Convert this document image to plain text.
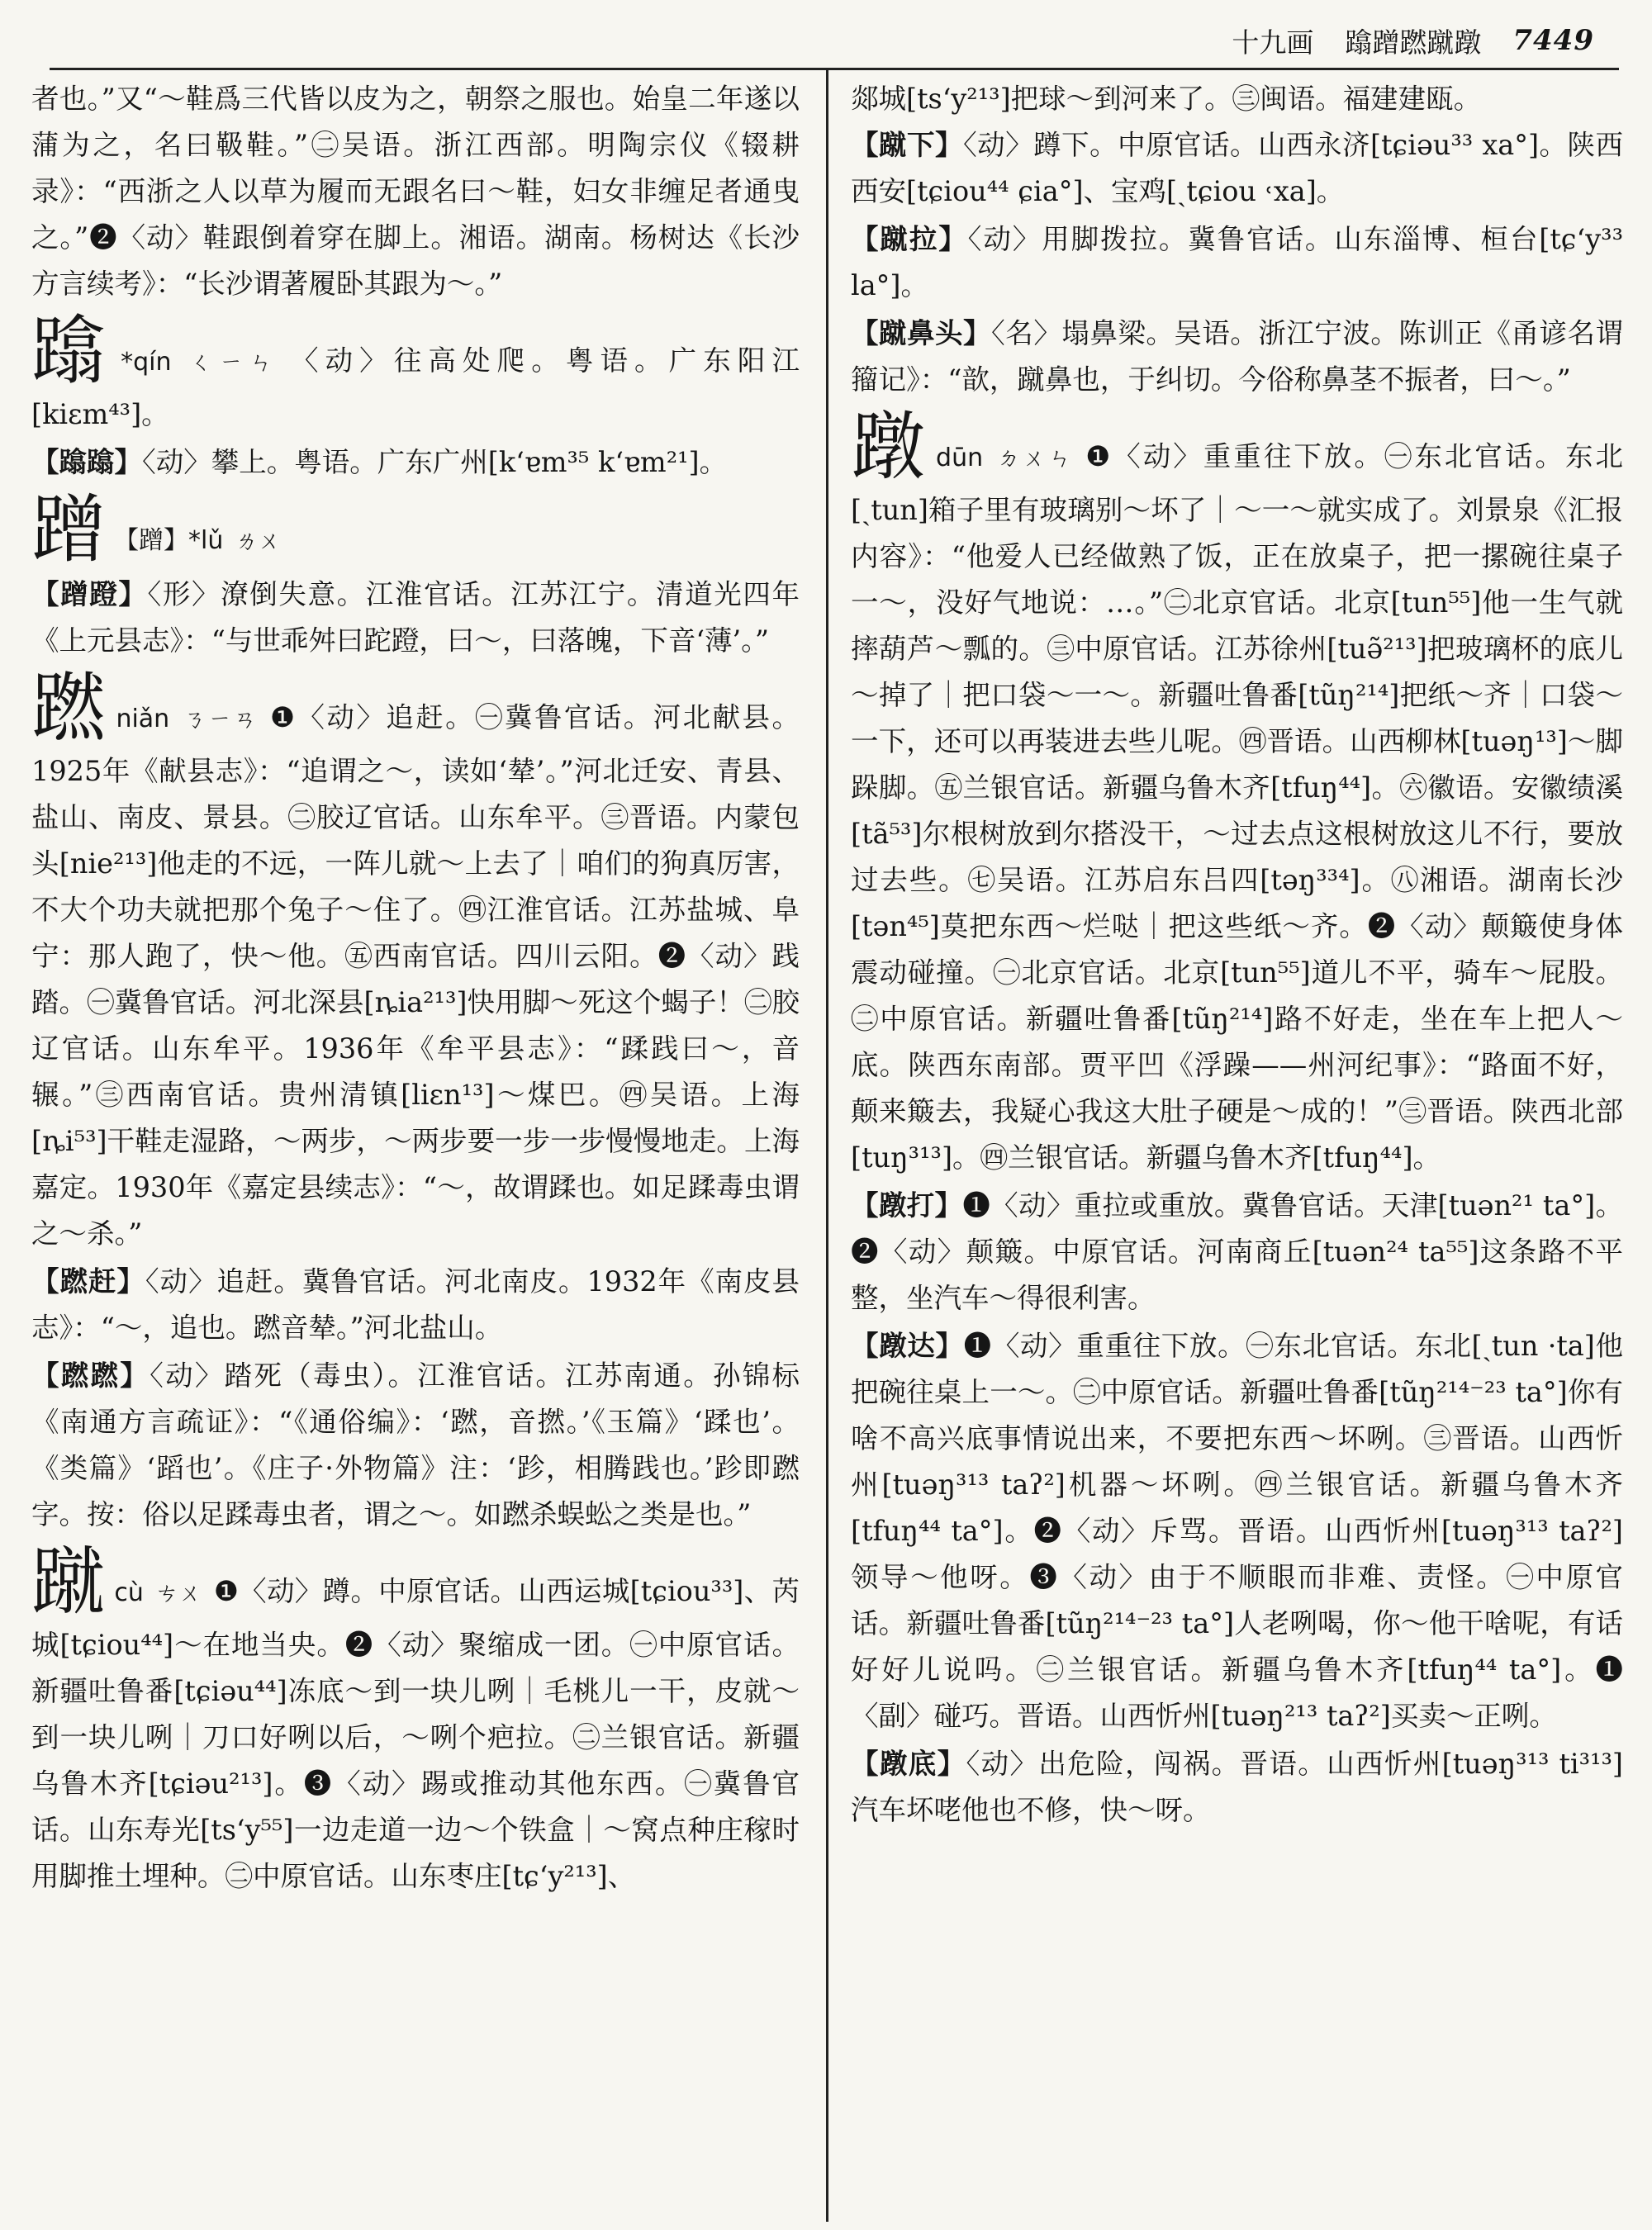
十九画 蹹蹭蹨蹴蹾 7449

者也。”又“～鞋爲三代皆以皮为之，朝祭之服也。始皇二年遂以蒲为之，名曰靸鞋。”㊁吴语。浙江西部。明陶宗仪《辍耕录》：“西浙之人以草为履而无跟名曰～鞋，妇女非缠足者通曳之。”❷〈动〉鞋跟倒着穿在脚上。湘语。湖南。杨树达《长沙方言续考》：“长沙谓著履卧其跟为～。”

蹹 *qín ㄑㄧㄣ 〈动〉往高处爬。粤语。广东阳江[kiɛm⁴³]。

【蹹蹹】〈动〉攀上。粤语。广东广州[k‘ɐm³⁵ k‘ɐm²¹]。

蹭 【蹭】*lǔ ㄌㄨ

【蹭蹬】〈形〉潦倒失意。江淮官话。江苏江宁。清道光四年《上元县志》：“与世乖舛曰跎蹬，曰～，曰落魄，下音‘薄’。”

蹨niǎn ㄋㄧㄢ ❶〈动〉追赶。㊀冀鲁官话。河北献县。1925年《献县志》：“追谓之～，读如‘辇’。”河北迁安、青县、盐山、南皮、景县。㊁胶辽官话。山东牟平。㊂晋语。内蒙包头[nie²¹³]他走的不远，一阵儿就～上去了｜咱们的狗真厉害，不大个功夫就把那个兔子～住了。㊃江淮官话。江苏盐城、阜宁：那人跑了，快～他。㊄西南官话。四川云阳。❷〈动〉践踏。㊀冀鲁官话。河北深县[ȵia²¹³]快用脚～死这个蝎子！㊁胶辽官话。山东牟平。1936年《牟平县志》：“蹂践曰～，音辗。”㊂西南官话。贵州清镇[liɛn¹³]～煤巴。㊃吴语。上海[ȵi⁵³]干鞋走湿路，～两步，～两步要一步一步慢慢地走。上海嘉定。1930年《嘉定县续志》：“～，故谓蹂也。如足蹂毒虫谓之～杀。”

【蹨赶】〈动〉追赶。冀鲁官话。河北南皮。1932年《南皮县志》：“～，追也。蹨音辇。”河北盐山。

【蹨蹨】〈动〉踏死（毒虫）。江淮官话。江苏南通。孙锦标《南通方言疏证》：“《通俗编》：‘蹨，音撚。’《玉篇》‘蹂也’。《类篇》‘蹈也’。《庄子·外物篇》注：‘跈，相腾践也。’跈即蹨字。按：俗以足蹂毒虫者，谓之～。如蹨杀蜈蚣之类是也。”

蹴cù ㄘㄨ ❶〈动〉蹲。中原官话。山西运城[tɕiou³³]、芮城[tɕiou⁴⁴]～在地当央。❷〈动〉聚缩成一团。㊀中原官话。新疆吐鲁番[tɕiəu⁴⁴]冻底～到一块儿咧｜毛桃儿一干，皮就～到一块儿咧｜刀口好咧以后，～咧个疤拉。㊁兰银官话。新疆乌鲁木齐[tɕiəu²¹³]。❸〈动〉踢或推动其他东西。㊀冀鲁官话。山东寿光[ts‘y⁵⁵]一边走道一边～个铁盒｜～窝点种庄稼时用脚推土埋种。㊁中原官话。山东枣庄[tɕ‘y²¹³]、

郯城[ts‘y²¹³]把球～到河来了。㊂闽语。福建建瓯。

【蹴下】〈动〉蹲下。中原官话。山西永济[tɕiəu³³ xa°]。陕西西安[tɕiou⁴⁴ ɕia°]、宝鸡[ˏtɕiou ˓xa]。

【蹴拉】〈动〉用脚拨拉。冀鲁官话。山东淄博、桓台[tɕ‘y³³ la°]。

【蹴鼻头】〈名〉塌鼻梁。吴语。浙江宁波。陈训正《甬谚名谓籀记》：“歆，蹴鼻也，于纠切。今俗称鼻茎不振者，曰～。”

蹾dūn ㄉㄨㄣ ❶〈动〉重重往下放。㊀东北官话。东北[ˏtun]箱子里有玻璃别～坏了｜～一～就实成了。刘景泉《汇报内容》：“他爱人已经做熟了饭，正在放桌子，把一摞碗往桌子一～，没好气地说：…。”㊁北京官话。北京[tun⁵⁵]他一生气就摔葫芦～瓢的。㊂中原官话。江苏徐州[tuə̃²¹³]把玻璃杯的底儿～掉了｜把口袋～一～。新疆吐鲁番[tũŋ²¹⁴]把纸～齐｜口袋～一下，还可以再装进去些儿呢。㊃晋语。山西柳林[tuəŋ¹³]～脚跺脚。㊄兰银官话。新疆乌鲁木齐[tfuŋ⁴⁴]。㊅徽语。安徽绩溪[tã⁵³]尔根树放到尔搭没干，～过去点这根树放这儿不行，要放过去些。㊆吴语。江苏启东吕四[təŋ³³⁴]。㊇湘语。湖南长沙[tən⁴⁵]莫把东西～烂哒｜把这些纸～齐。❷〈动〉颠簸使身体震动碰撞。㊀北京官话。北京[tun⁵⁵]道儿不平，骑车～屁股。㊁中原官话。新疆吐鲁番[tũŋ²¹⁴]路不好走，坐在车上把人～底。陕西东南部。贾平凹《浮躁——州河纪事》：“路面不好，颠来簸去，我疑心我这大肚子硬是～成的！”㊂晋语。陕西北部[tuŋ³¹³]。㊃兰银官话。新疆乌鲁木齐[tfuŋ⁴⁴]。

【蹾打】❶〈动〉重拉或重放。冀鲁官话。天津[tuən²¹ ta°]。❷〈动〉颠簸。中原官话。河南商丘[tuən²⁴ ta⁵⁵]这条路不平整，坐汽车～得很利害。

【蹾达】❶〈动〉重重往下放。㊀东北官话。东北[ˏtun ·ta]他把碗往桌上一～。㊁中原官话。新疆吐鲁番[tũŋ²¹⁴⁻²³ ta°]你有啥不高兴底事情说出来，不要把东西～坏咧。㊂晋语。山西忻州[tuəŋ³¹³ taʔ²]机器～坏咧。㊃兰银官话。新疆乌鲁木齐[tfuŋ⁴⁴ ta°]。❷〈动〉斥骂。晋语。山西忻州[tuəŋ³¹³ taʔ²]领导～他呀。❸〈动〉由于不顺眼而非难、责怪。㊀中原官话。新疆吐鲁番[tũŋ²¹⁴⁻²³ ta°]人老咧喝，你～他干啥呢，有话好好儿说吗。㊁兰银官话。新疆乌鲁木齐[tfuŋ⁴⁴ ta°]。❶〈副〉碰巧。晋语。山西忻州[tuəŋ²¹³ taʔ²]买卖～正咧。

【蹾底】〈动〉出危险，闯祸。晋语。山西忻州[tuəŋ³¹³ ti³¹³]汽车坏咾他也不修，快～呀。
